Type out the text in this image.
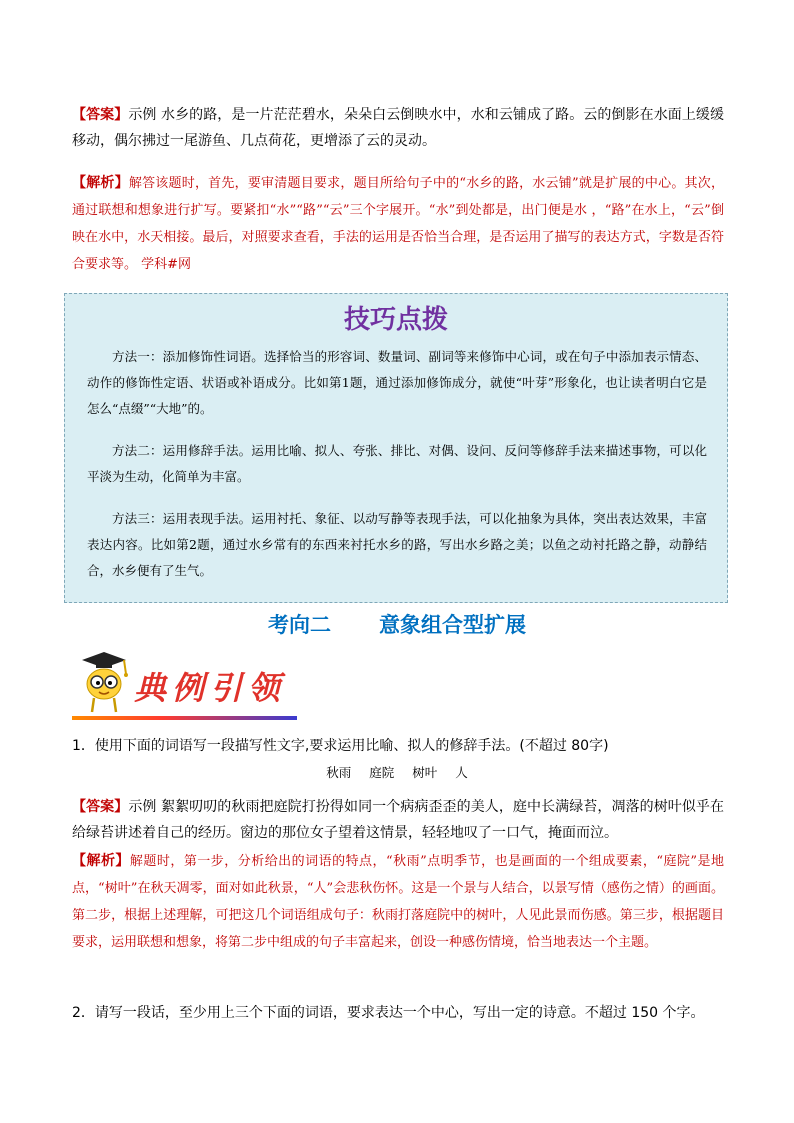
【答案】示例 水乡的路，是一片茫茫碧水，朵朵白云倒映水中，水和云铺成了路。云的倒影在水面上缓缓移动，偶尔拂过一尾游鱼、几点荷花，更增添了云的灵动。

【解析】解答该题时，首先，要审清题目要求，题目所给句子中的“水乡的路，水云铺”就是扩展的中心。其次，通过联想和想象进行扩写。要紧扣“水”“路”“云”三个字展开。“水”到处都是，出门便是水 ，“路”在水上，“云”倒映在水中，水天相接。最后，对照要求查看，手法的运用是否恰当合理，是否运用了描写的表达方式，字数是否符合要求等。 学科#网

技巧点拨

方法一：添加修饰性词语。选择恰当的形容词、数量词、副词等来修饰中心词，或在句子中添加表示情态、动作的修饰性定语、状语或补语成分。比如第1题，通过添加修饰成分，就使“叶芽”形象化，也让读者明白它是怎么“点缀”“大地”的。

方法二：运用修辞手法。运用比喻、拟人、夸张、排比、对偶、设问、反问等修辞手法来描述事物，可以化平淡为生动，化简单为丰富。

方法三：运用表现手法。运用衬托、象征、以动写静等表现手法，可以化抽象为具体，突出表达效果，丰富表达内容。比如第2题，通过水乡常有的东西来衬托水乡的路，写出水乡路之美；以鱼之动衬托路之静，动静结合，水乡便有了生气。

考向二 意象组合型扩展
典例引领

1．使用下面的词语写一段描写性文字,要求运用比喻、拟人的修辞手法。(不超过 80字)

秋雨 庭院 树叶 人

【答案】示例 絮絮叨叨的秋雨把庭院打扮得如同一个病病歪歪的美人，庭中长满绿苔，凋落的树叶似乎在给绿苔讲述着自己的经历。窗边的那位女子望着这情景，轻轻地叹了一口气，掩面而泣。

【解析】解题时，第一步，分析给出的词语的特点，“秋雨”点明季节，也是画面的一个组成要素，“庭院”是地点，“树叶”在秋天凋零，面对如此秋景，“人”会悲秋伤怀。这是一个景与人结合，以景写情（感伤之情）的画面。第二步，根据上述理解，可把这几个词语组成句子：秋雨打落庭院中的树叶，人见此景而伤感。第三步，根据题目要求，运用联想和想象，将第二步中组成的句子丰富起来，创设一种感伤情境，恰当地表达一个主题。

2．请写一段话，至少用上三个下面的词语，要求表达一个中心，写出一定的诗意。不超过 150 个字。
